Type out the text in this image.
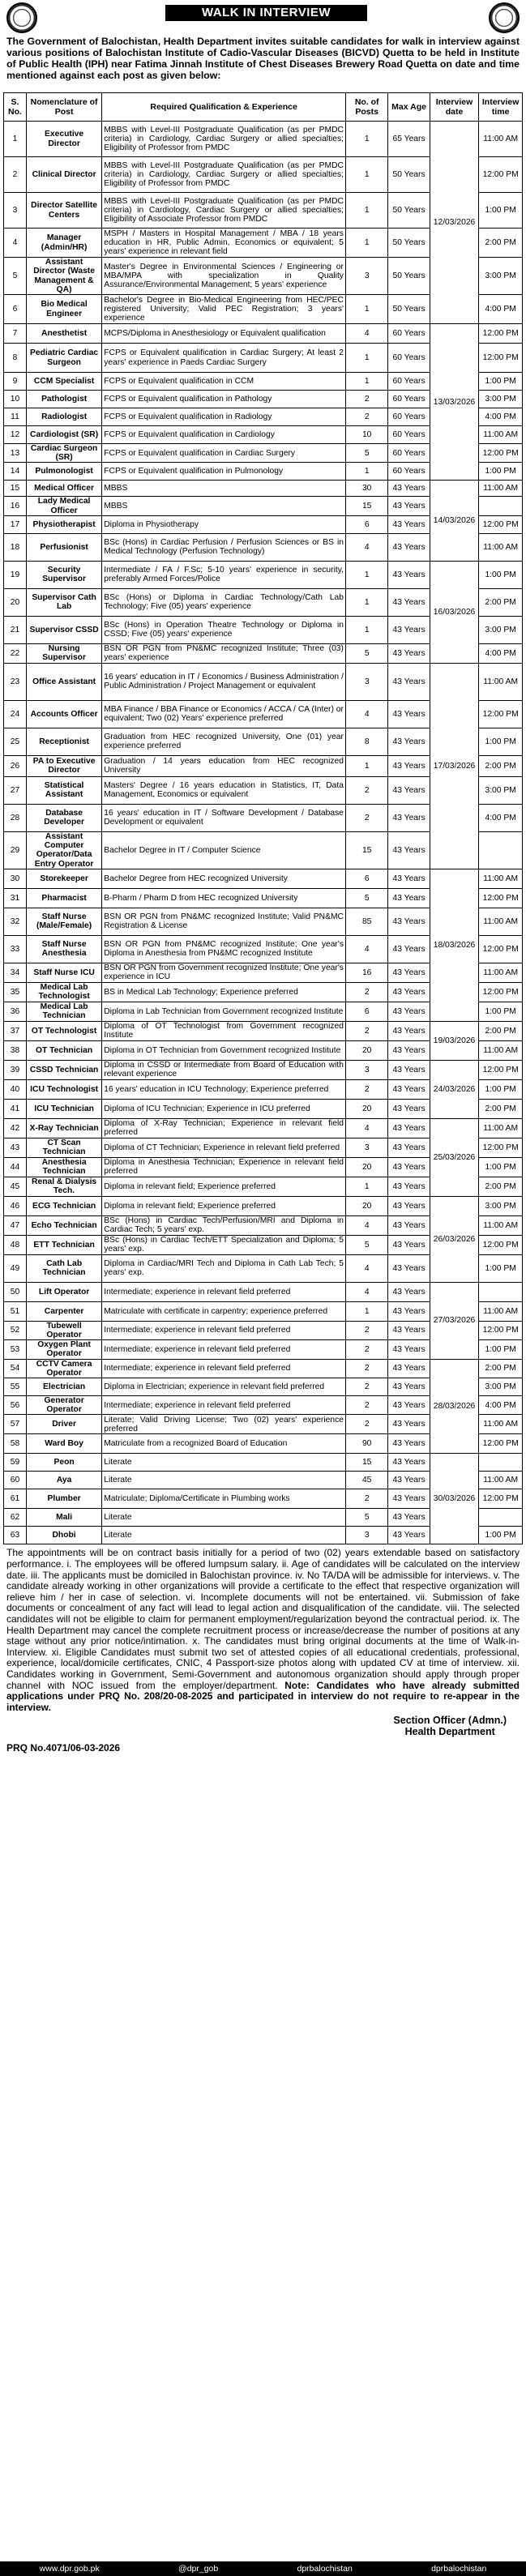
WALK IN INTERVIEW
The Government of Balochistan, Health Department invites suitable candidates for walk in interview against various positions of Balochistan Institute of Cadio-Vascular Diseases (BICVD) Quetta to be held in Institute of Public Health (IPH) near Fatima Jinnah Institute of Chest Diseases Brewery Road Quetta on date and time mentioned against each post as given below:
S. No.	Nomenclature of Post	Required Qualification & Experience	No. of Posts	Max Age	Interview date	Interview time
1	Executive Director	MBBS with Level-III Postgraduate Qualification (as per PMDC criteria) in Cardiology, Cardiac Surgery or allied specialties; Eligibility of Professor from PMDC	1	65 Years	12/03/2026	11:00 AM
2	Clinical Director	MBBS with Level-III Postgraduate Qualification (as per PMDC criteria) in Cardiology, Cardiac Surgery or allied specialties; Eligibility of Professor from PMDC	1	50 Years		12:00 PM
3	Director Satellite Centers	MBBS with Level-III Postgraduate Qualification (as per PMDC criteria) in Cardiology, Cardiac Surgery or allied specialties; Eligibility of Associate Professor from PMDC	1	50 Years		1:00 PM
4	Manager (Admin/HR)	MSPH / Masters in Hospital Management / MBA / 18 years education in HR, Public Admin, Economics or equivalent; 5 years' experience in relevant field	1	50 Years		2:00 PM
5	Assistant Director (Waste Management & QA)	Master's Degree in Environmental Sciences / Engineering or MBA/MPA with specialization in Quality Assurance/Environmental Management; 5 years' experience	3	50 Years		3:00 PM
6	Bio Medical Engineer	Bachelor's Degree in Bio-Medical Engineering from HEC/PEC registered University; Valid PEC Registration; 3 years' experience	1	50 Years		4:00 PM
7	Anesthetist	MCPS/Diploma in Anesthesiology or Equivalent qualification	4	60 Years	13/03/2026	12:00 PM
8	Pediatric Cardiac Surgeon	FCPS or Equivalent qualification in Cardiac Surgery; At least 2 years' experience in Paeds Cardiac Surgery	1	60 Years		12:00 PM
9	CCM Specialist	FCPS or Equivalent qualification in CCM	1	60 Years		1:00 PM
10	Pathologist	FCPS or Equivalent qualification in Pathology	2	60 Years		3:00 PM
11	Radiologist	FCPS or Equivalent qualification in Radiology	2	60 Years		4:00 PM
12	Cardiologist (SR)	FCPS or Equivalent qualification in Cardiology	10	60 Years		11:00 AM
13	Cardiac Surgeon (SR)	FCPS or Equivalent qualification in Cardiac Surgery	5	60 Years		12:00 PM
14	Pulmonologist	FCPS or Equivalent qualification in Pulmonology	1	60 Years		1:00 PM
15	Medical Officer	MBBS	30	43 Years	14/03/2026	11:00 AM
16	Lady Medical Officer	MBBS	15	43 Years		
17	Physiotherapist	Diploma in Physiotherapy	6	43 Years		12:00 PM
18	Perfusionist	BSc (Hons) in Cardiac Perfusion / Perfusion Sciences or BS in Medical Technology (Perfusion Technology)	4	43 Years		11:00 AM
19	Security Supervisor	Intermediate / FA / F.Sc; 5-10 years' experience in security, preferably Armed Forces/Police	1	43 Years	16/03/2026	1:00 PM
20	Supervisor Cath Lab	BSc (Hons) or Diploma in Cardiac Technology/Cath Lab Technology; Five (05) years' experience	1	43 Years		2:00 PM
21	Supervisor CSSD	BSc (Hons) in Operation Theatre Technology or Diploma in CSSD; Five (05) years' experience	1	43 Years		3:00 PM
22	Nursing Supervisor	BSN OR PGN from PN&MC recognized Institute; Three (03) years' experience	5	43 Years		4:00 PM
23	Office Assistant	16 years' education in IT / Economics / Business Administration / Public Administration / Project Management or equivalent	3	43 Years	17/03/2026	11:00 AM
24	Accounts Officer	MBA Finance / BBA Finance or Economics / ACCA / CA (Inter) or equivalent; Two (02) Years' experience preferred	4	43 Years		12:00 PM
25	Receptionist	Graduation from HEC recognized University, One (01) year experience preferred	8	43 Years		1:00 PM
26	PA to Executive Director	Graduation / 14 years education from HEC recognized University	1	43 Years		2:00 PM
27	Statistical Assistant	Masters' Degree / 16 years education in Statistics, IT, Data Management, Economics or equivalent	2	43 Years		3:00 PM
28	Database Developer	16 years' education in IT / Software Development / Database Development or equivalent	2	43 Years		4:00 PM
29	Assistant Computer Operator/Data Entry Operator	Bachelor Degree in IT / Computer Science	15	43 Years		
30	Storekeeper	Bachelor Degree from HEC recognized University	6	43 Years	18/03/2026	11:00 AM
31	Pharmacist	B-Pharm / Pharm D from HEC recognized University	5	43 Years		12:00 PM
32	Staff Nurse (Male/Female)	BSN OR PGN from PN&MC recognized Institute; Valid PN&MC Registration & License	85	43 Years		11:00 AM
33	Staff Nurse Anesthesia	BSN OR PGN from PN&MC recognized Institute; One year's Diploma in Anesthesia from PN&MC recognized Institute	4	43 Years		12:00 PM
34	Staff Nurse ICU	BSN OR PGN from Government recognized Institute; One year's experience in ICU	16	43 Years		11:00 AM
35	Medical Lab Technologist	BS in Medical Lab Technology; Experience preferred	2	43 Years		12:00 PM
36	Medical Lab Technician	Diploma in Lab Technician from Government recognized Institute	6	43 Years		1:00 PM
37	OT Technologist	Diploma of OT Technologist from Government recognized Institute	2	43 Years	19/03/2026	2:00 PM
38	OT Technician	Diploma in OT Technician from Government recognized Institute	20	43 Years		11:00 AM
39	CSSD Technician	Diploma in CSSD or Intermediate from Board of Education with relevant experience	3	43 Years	24/03/2026	12:00 PM
40	ICU Technologist	16 years' education in ICU Technology; Experience preferred	2	43 Years		1:00 PM
41	ICU Technician	Diploma of ICU Technician; Experience in ICU preferred	20	43 Years		2:00 PM
42	X-Ray Technician	Diploma of X-Ray Technician; Experience in relevant field preferred	4	43 Years	25/03/2026	11:00 AM
43	CT Scan Technician	Diploma of CT Technician; Experience in relevant field preferred	3	43 Years		12:00 PM
44	Anesthesia Technician	Diploma in Anesthesia Technician; Experience in relevant field preferred	20	43 Years		1:00 PM
45	Renal & Dialysis Tech.	Diploma in relevant field; Experience preferred	1	43 Years		2:00 PM
46	ECG Technician	Diploma in relevant field; Experience preferred	20	43 Years	26/03/2026	3:00 PM
47	Echo Technician	BSc (Hons) in Cardiac Tech/Perfusion/MRI and Diploma in Cardiac Tech; 5 years' exp.	4	43 Years		11:00 AM
48	ETT Technician	BSc (Hons) in Cardiac Tech/ETT Specialization and Diploma; 5 years' exp.	5	43 Years		12:00 PM
49	Cath Lab Technician	Diploma in Cardiac/MRI Tech and Diploma in Cath Lab Tech; 5 years' exp.	4	43 Years		1:00 PM
50	Lift Operator	Intermediate; experience in relevant field preferred	4	43 Years	27/03/2026	
51	Carpenter	Matriculate with certificate in carpentry; experience preferred	1	43 Years		11:00 AM
52	Tubewell Operator	Intermediate; experience in relevant field preferred	2	43 Years		12:00 PM
53	Oxygen Plant Operator	Intermediate; experience in relevant field preferred	2	43 Years		1:00 PM
54	CCTV Camera Operator	Intermediate; experience in relevant field preferred	2	43 Years	28/03/2026	2:00 PM
55	Electrician	Diploma in Electrician; experience in relevant field preferred	2	43 Years		3:00 PM
56	Generator Operator	Intermediate; experience in relevant field preferred	2	43 Years		4:00 PM
57	Driver	Literate; Valid Driving License; Two (02) years' experience preferred	2	43 Years		11:00 AM
58	Ward Boy	Matriculate from a recognized Board of Education	90	43 Years		12:00 PM
59	Peon	Literate	15	43 Years	30/03/2026	
60	Aya	Literate	45	43 Years		11:00 AM
61	Plumber	Matriculate; Diploma/Certificate in Plumbing works	2	43 Years		12:00 PM
62	Mali	Literate	5	43 Years		
63	Dhobi	Literate	3	43 Years		1:00 PM
The appointments will be on contract basis initially for a period of two (02) years extendable based on satisfactory performance. i. The employees will be offered lumpsum salary. ii. Age of candidates will be calculated on the interview date. iii. The applicants must be domiciled in Balochistan province. iv. No TA/DA will be admissible for interviews. v. The candidate already working in other organizations will provide a certificate to the effect that respective organization will relieve him / her in case of selection. vi. Incomplete documents will not be entertained. vii. Submission of fake documents or concealment of any fact will lead to legal action and disqualification of the candidate. viii. The selected candidates will not be eligible to claim for permanent employment/regularization beyond the contractual period. ix. The Health Department may cancel the complete recruitment process or increase/decrease the number of positions at any stage without any prior notice/intimation. x. The candidates must bring original documents at the time of Walk-in-Interview. xi. Eligible Candidates must submit two set of attested copies of all educational credentials, professional, experience, local/domicile certificates, CNIC, 4 Passport-size photos along with updated CV at time of interview. xii. Candidates working in Government, Semi-Government and autonomous organization should apply through proper channel with NOC issued from the employer/department. Note: Candidates who have already submitted applications under PRQ No. 208/20-08-2025 and participated in interview do not require to re-appear in the interview.
Section Officer (Admn.)
Health Department
PRQ No.4071/06-03-2026
www.dpr.gob.pk	@dpr_gob	dprbalochistan	dprbalochistan
